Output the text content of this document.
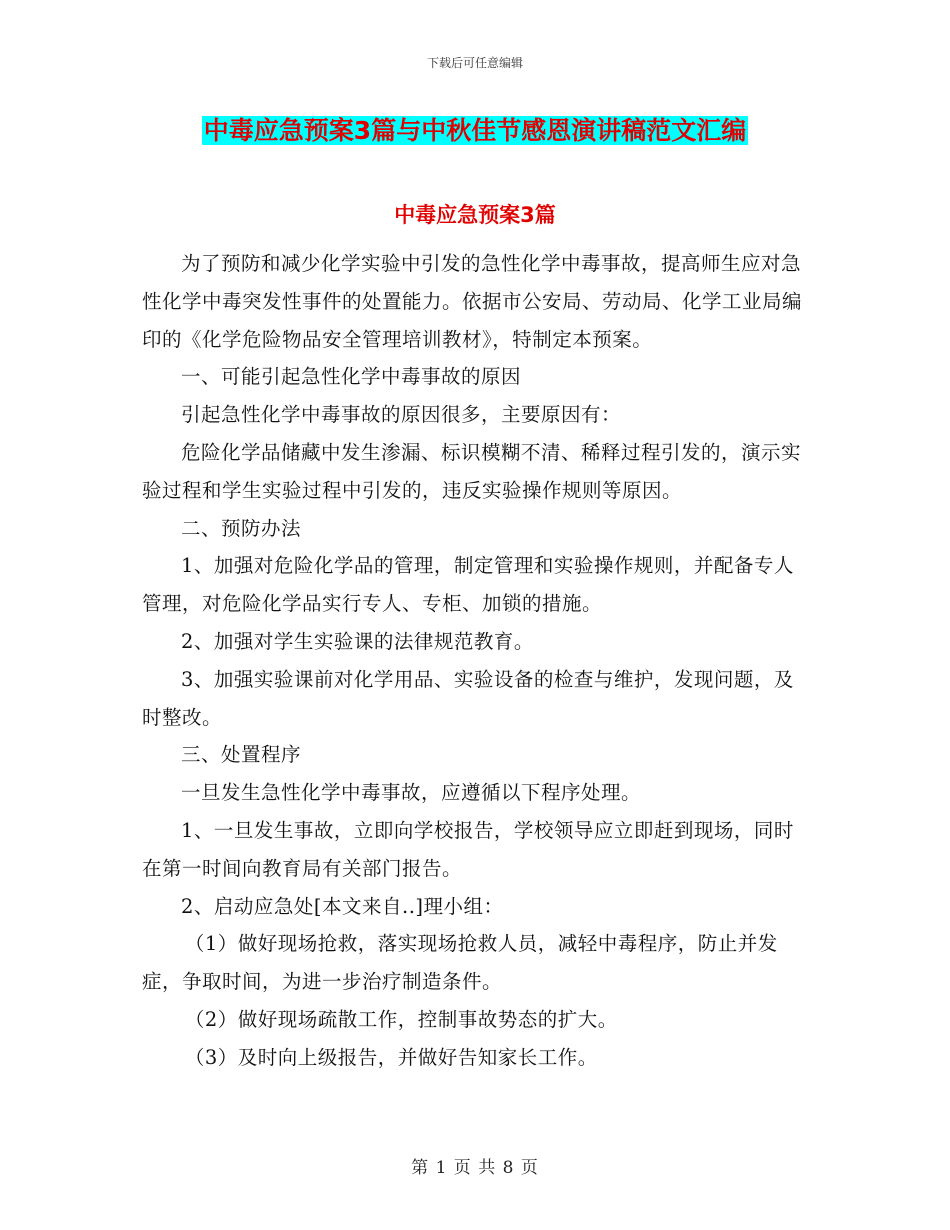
下载后可任意编辑
中毒应急预案3篇与中秋佳节感恩演讲稿范文汇编
中毒应急预案3篇

为了预防和减少化学实验中引发的急性化学中毒事故，提高师生应对急性化学中毒突发性事件的处置能力。依据市公安局、劳动局、化学工业局编印的《化学危险物品安全管理培训教材》，特制定本预案。

一、可能引起急性化学中毒事故的原因

引起急性化学中毒事故的原因很多，主要原因有：

危险化学品储藏中发生渗漏、标识模糊不清、稀释过程引发的，演示实验过程和学生实验过程中引发的，违反实验操作规则等原因。

二、预防办法

1、加强对危险化学品的管理，制定管理和实验操作规则，并配备专人管理，对危险化学品实行专人、专柜、加锁的措施。

2、加强对学生实验课的法律规范教育。

3、加强实验课前对化学用品、实验设备的检查与维护，发现问题，及时整改。

三、处置程序

一旦发生急性化学中毒事故，应遵循以下程序处理。

1、一旦发生事故，立即向学校报告，学校领导应立即赶到现场，同时在第一时间向教育局有关部门报告。

2、启动应急处[本文来自..]理小组：

（1）做好现场抢救，落实现场抢救人员，减轻中毒程序，防止并发症，争取时间，为进一步治疗制造条件。

（2）做好现场疏散工作，控制事故势态的扩大。

（3）及时向上级报告，并做好告知家长工作。

第 1 页 共 8 页
